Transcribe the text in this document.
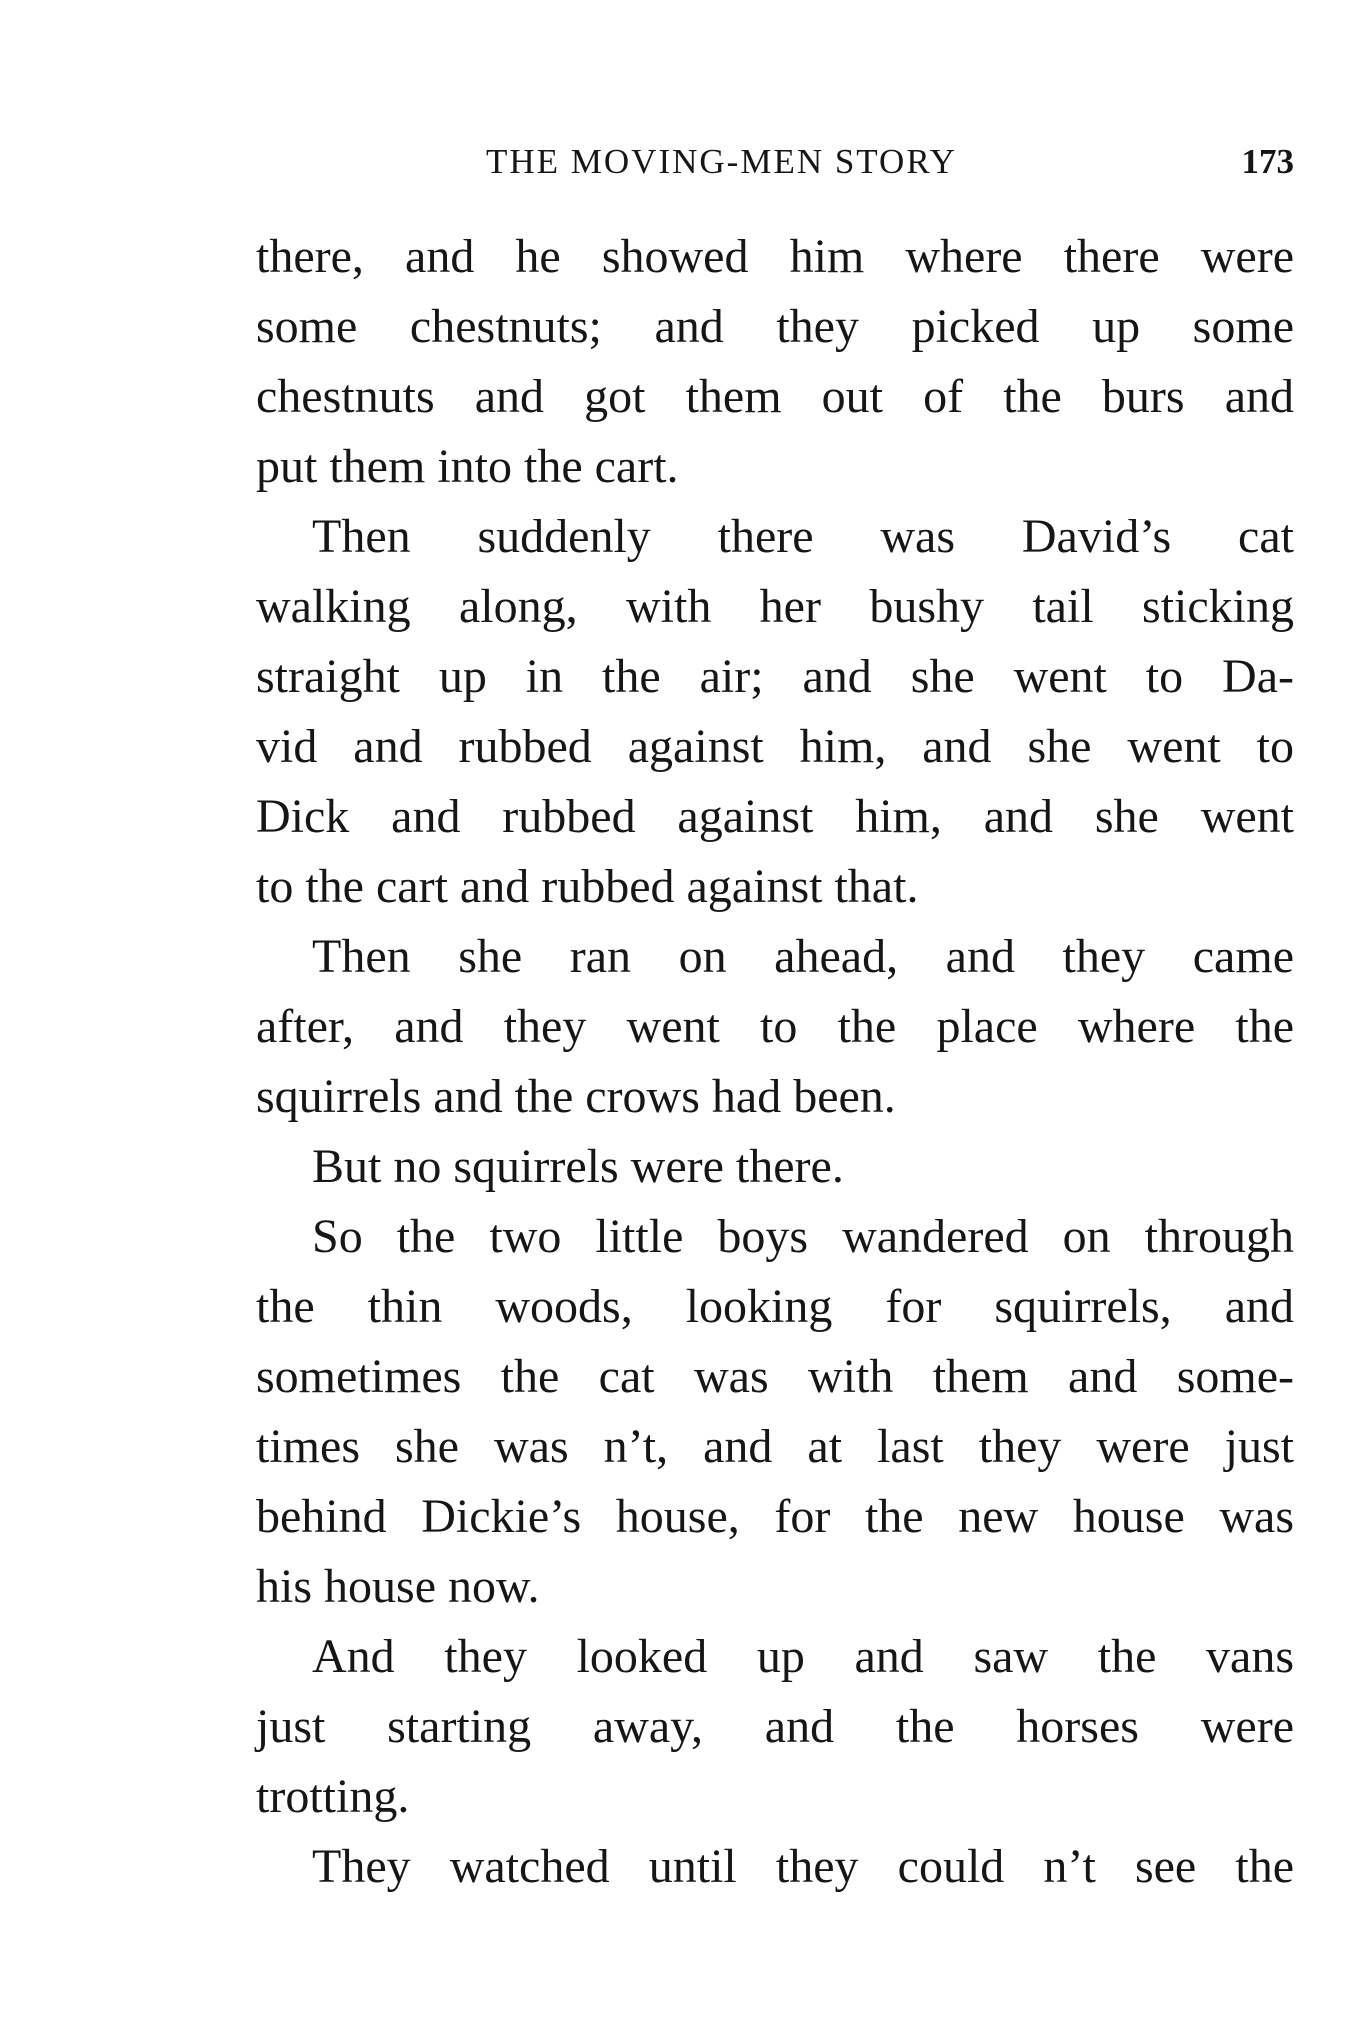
THE MOVING-MEN STORY	173
there, and he showed him where there were
some chestnuts; and they picked up some
chestnuts and got them out of the burs and
put them into the cart.
Then suddenly there was David’s cat
walking along, with her bushy tail sticking
straight up in the air; and she went to Da-
vid and rubbed against him, and she went to
Dick and rubbed against him, and she went
to the cart and rubbed against that.
Then she ran on ahead, and they came
after, and they went to the place where the
squirrels and the crows had been.
But no squirrels were there.
So the two little boys wandered on through
the thin woods, looking for squirrels, and
sometimes the cat was with them and some-
times she was n’t, and at last they were just
behind Dickie’s house, for the new house was
his house now.
And they looked up and saw the vans
just starting away, and the horses were
trotting.
They watched until they could n’t see the
